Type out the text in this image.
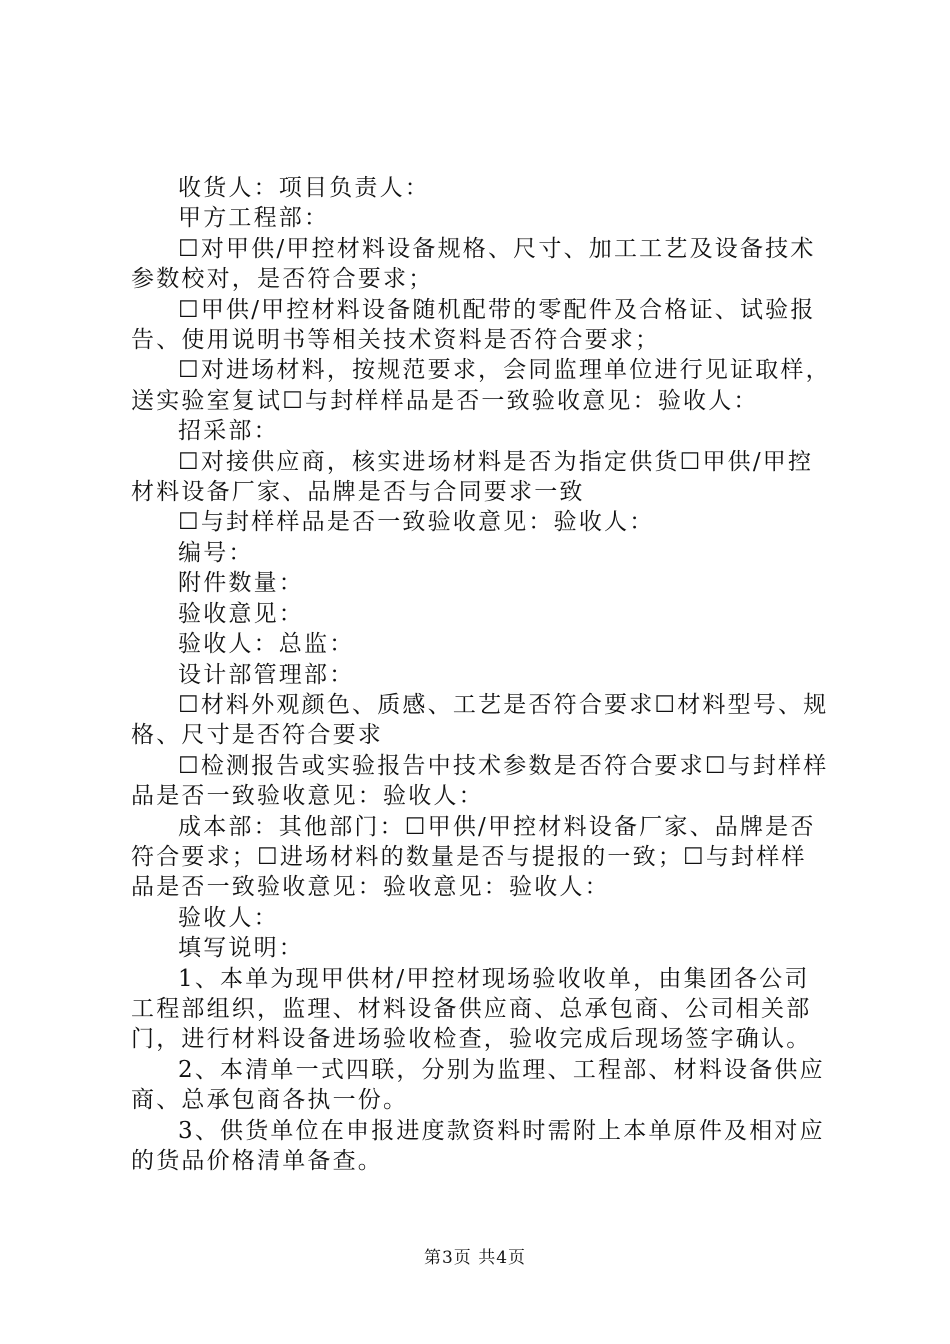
收货人：项目负责人：

甲方工程部：

☐对甲供/甲控材料设备规格、尺寸、加工工艺及设备技术参数校对，是否符合要求；

☐甲供/甲控材料设备随机配带的零配件及合格证、试验报告、使用说明书等相关技术资料是否符合要求；

☐对进场材料，按规范要求，会同监理单位进行见证取样，送实验室复试☐与封样样品是否一致验收意见：验收人：

招采部：

☐对接供应商，核实进场材料是否为指定供货☐甲供/甲控材料设备厂家、品牌是否与合同要求一致

☐与封样样品是否一致验收意见：验收人：

编号：

附件数量：

验收意见：

验收人：总监：

设计部管理部：

☐材料外观颜色、质感、工艺是否符合要求☐材料型号、规格、尺寸是否符合要求

☐检测报告或实验报告中技术参数是否符合要求☐与封样样品是否一致验收意见：验收人：

成本部：其他部门：☐甲供/甲控材料设备厂家、品牌是否符合要求；☐进场材料的数量是否与提报的一致；☐与封样样品是否一致验收意见：验收意见：验收人：

验收人：

填写说明：

1、本单为现甲供材/甲控材现场验收收单，由集团各公司工程部组织，监理、材料设备供应商、总承包商、公司相关部门，进行材料设备进场验收检查，验收完成后现场签字确认。

2、本清单一式四联，分别为监理、工程部、材料设备供应商、总承包商各执一份。

3、供货单位在申报进度款资料时需附上本单原件及相对应的货品价格清单备查。

第3页 共4页
